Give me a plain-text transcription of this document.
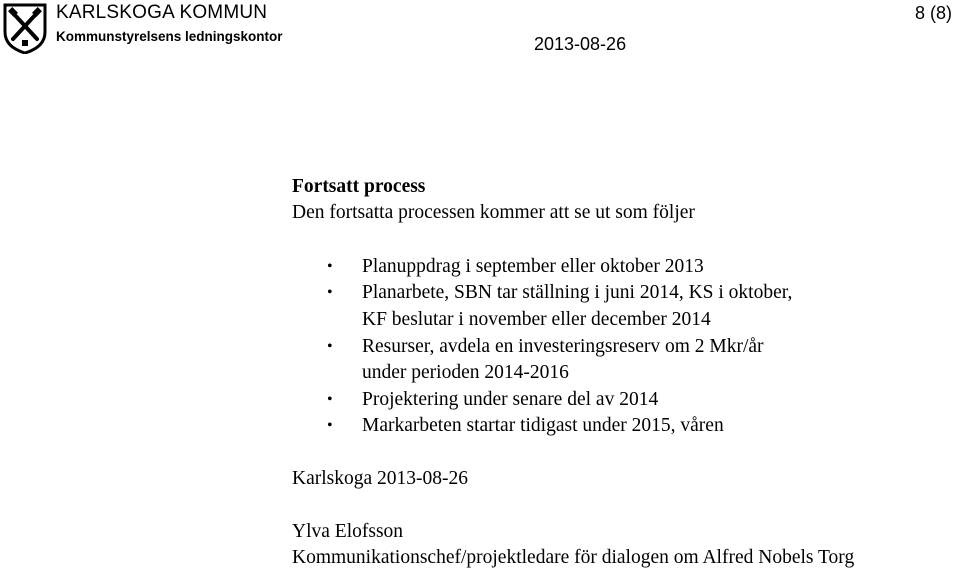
KARLSKOGA KOMMUN
Kommunstyrelsens ledningskontor	2013-08-26
8 (8)
Fortsatt process
Den fortsatta processen kommer att se ut som följer
• Planuppdrag i september eller oktober 2013
• Planarbete, SBN tar ställning i juni 2014, KS i oktober,
KF beslutar i november eller december 2014
• Resurser, avdela en investeringsreserv om 2 Mkr/år
under perioden 2014-2016
• Projektering under senare del av 2014
• Markarbeten startar tidigast under 2015, våren
Karlskoga 2013-08-26
Ylva Elofsson
Kommunikationschef/projektledare för dialogen om Alfred Nobels Torg
